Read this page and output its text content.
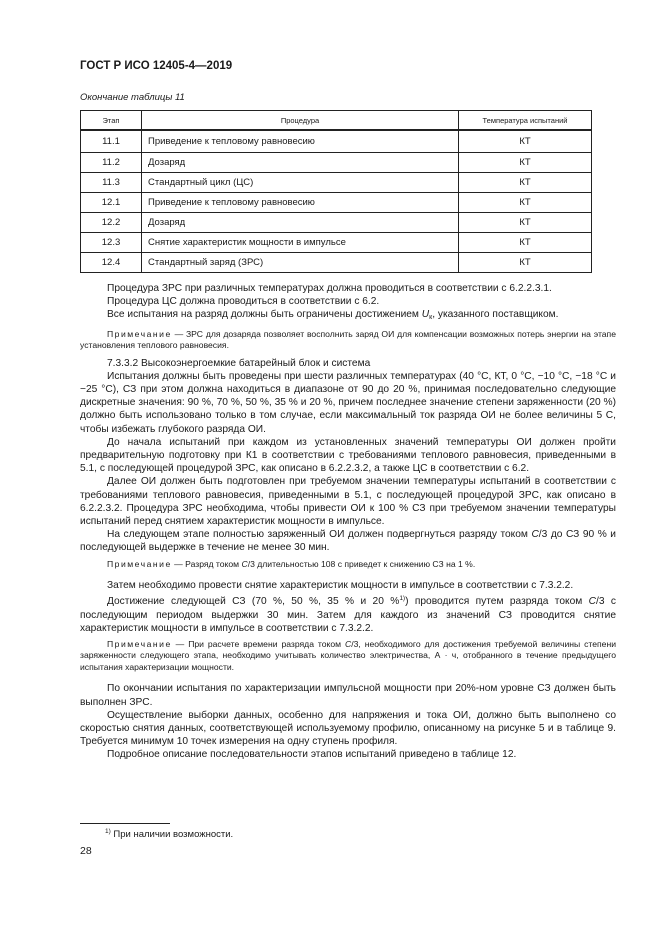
ГОСТ Р ИСО 12405-4—2019
Окончание таблицы 11
Этап	Процедура	Температура испытаний
11.1	Приведение к тепловому равновесию	КТ
11.2	Дозаряд	КТ
11.3	Стандартный цикл (ЦС)	КТ
12.1	Приведение к тепловому равновесию	КТ
12.2	Дозаряд	КТ
12.3	Снятие характеристик мощности в импульсе	КТ
12.4	Стандартный заряд (ЗРС)	КТ

Процедура ЗРС при различных температурах должна проводиться в соответствии с 6.2.2.3.1.

Процедура ЦС должна проводиться в соответствии с 6.2.

Все испытания на разряд должны быть ограничены достижением $U_к$, указанного поставщиком.

Примечание — ЗРС для дозаряда позволяет восполнить заряд ОИ для компенсации возможных потерь энергии на этапе установления теплового равновесия.

7.3.3.2 Высокоэнергоемкие батарейный блок и система

Испытания должны быть проведены при шести различных температурах (40 °С, КТ, 0 °С, −10 °С, −18 °С и −25 °С), СЗ при этом должна находиться в диапазоне от 90 до 20 %, принимая последовательно следующие дискретные значения: 90 %, 70 %, 50 %, 35 % и 20 %, причем последнее значение степени заряженности (20 %) должно быть использовано только в том случае, если максимальный ток разряда ОИ не более величины 5 С, чтобы избежать глубокого разряда ОИ.

До начала испытаний при каждом из установленных значений температуры ОИ должен пройти предварительную подготовку при К1 в соответствии с требованиями теплового равновесия, приведенными в 5.1, с последующей процедурой ЗРС, как описано в 6.2.2.3.2, а также ЦС в соответствии с 6.2.

Далее ОИ должен быть подготовлен при требуемом значении температуры испытаний в соответствии с требованиями теплового равновесия, приведенными в 5.1, с последующей процедурой ЗРС, как описано в 6.2.2.3.2. Процедура ЗРС необходима, чтобы привести ОИ к 100 % СЗ при требуемом значении температуры испытаний перед снятием характеристик мощности в импульсе.

На следующем этапе полностью заряженный ОИ должен подвергнуться разряду током С/3 до СЗ 90 % и последующей выдержке в течение не менее 30 мин.

Примечание — Разряд током С/3 длительностью 108 с приведет к снижению СЗ на 1 %.

Затем необходимо провести снятие характеристик мощности в импульсе в соответствии с 7.3.2.2.

Достижение следующей СЗ (70 %, 50 %, 35 % и 20 %$^{1)}$) проводится путем разряда током С/3 с последующим периодом выдержки 30 мин. Затем для каждого из значений СЗ проводится снятие характеристик мощности в импульсе в соответствии с 7.3.2.2.

Примечание — При расчете времени разряда током С/3, необходимого для достижения требуемой величины степени заряженности следующего этапа, необходимо учитывать количество электричества, А · ч, отобранного в течение предыдущего испытания характеризации мощности.

По окончании испытания по характеризации импульсной мощности при 20%-ном уровне СЗ должен быть выполнен ЗРС.

Осуществление выборки данных, особенно для напряжения и тока ОИ, должно быть выполнено со скоростью снятия данных, соответствующей используемому профилю, описанному на рисунке 5 и в таблице 9. Требуется минимум 10 точек измерения на одну ступень профиля.

Подробное описание последовательности этапов испытаний приведено в таблице 12.

$^{1)}$ При наличии возможности.
28
